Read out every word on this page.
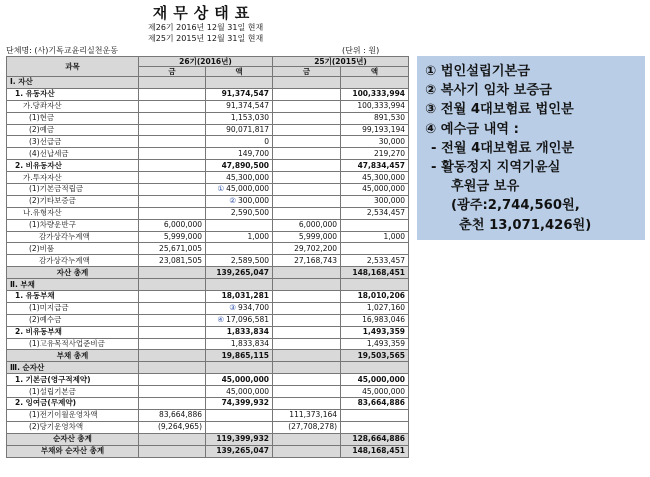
재무상태표
제26기 2016년 12월 31일 현재
제25기 2015년 12월 31일 현재
단체명: (사)기독교윤리실천운동	(단위 : 원)
과목	26기(2016년)		25기(2015년)	
	금	액	금	액
Ⅰ. 자산				
1. 유동자산		91,374,547		100,333,994
가.당좌자산		91,374,547		100,333,994
(1)현금		1,153,030		891,530
(2)예금		90,071,817		99,193,194
(3)선급금		0		30,000
(4)선납세금		149,700		219,270
2. 비유동자산		47,890,500		47,834,457
가.투자자산		45,300,000		45,300,000
(1)기본금적립금		① 45,000,000		45,000,000
(2)기타보증금		② 300,000		300,000
나.유형자산		2,590,500		2,534,457
(1)차량운반구	6,000,000		6,000,000	
감가상각누계액	5,999,000	1,000	5,999,000	1,000
(2)비품	25,671,005		29,702,200	
감가상각누계액	23,081,505	2,589,500	27,168,743	2,533,457
자산 총계		139,265,047		148,168,451
Ⅱ. 부채				
1. 유동부채		18,031,281		18,010,206
(1)미지급금		③ 934,700		1,027,160
(2)예수금		④ 17,096,581		16,983,046
2. 비유동부채		1,833,834		1,493,359
(1)고유목적사업준비금		1,833,834		1,493,359
부채 총계		19,865,115		19,503,565
Ⅲ. 순자산				
1. 기본금(영구적제약)		45,000,000		45,000,000
(1)설립기본금		45,000,000		45,000,000
2. 잉여금(무제약)		74,399,932		83,664,886
(1)전기이월운영차액	83,664,886		111,373,164	
(2)당기운영차액	(9,264,965)		(27,708,278)	
순자산 총계		119,399,932		128,664,886
부채와 순자산 총계		139,265,047		148,168,451
① 법인설립기본금
② 복사기 임차 보증금
③ 전월 4대보험료 법인분
④ 예수금 내역 :
- 전월 4대보험료 개인분
- 활동정지 지역기윤실
후원금 보유
(광주:2,744,560원,
춘천 13,071,426원)
